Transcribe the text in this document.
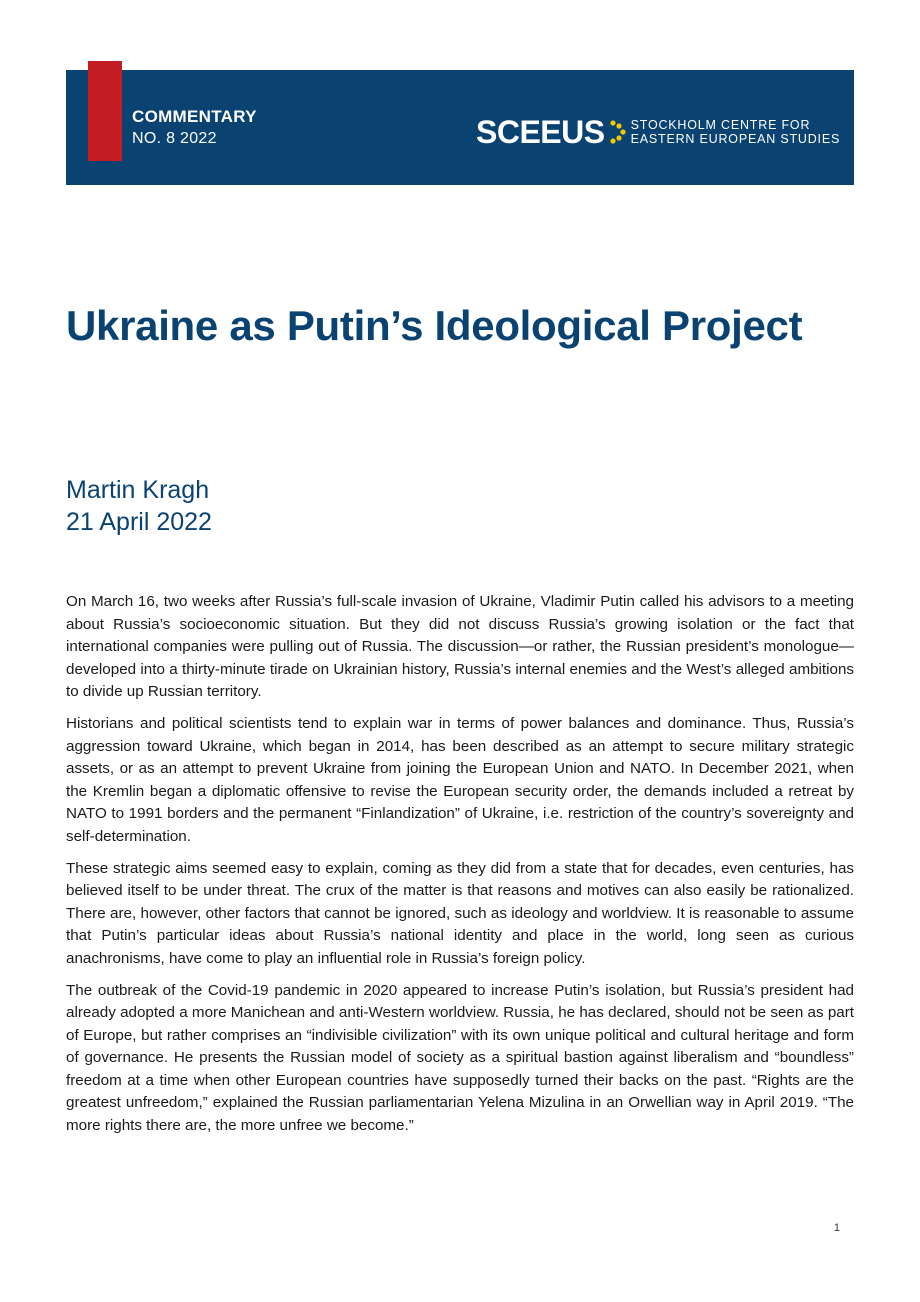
COMMENTARY
NO. 8 2022	SCEEUS STOCKHOLM CENTRE FOR
EASTERN EUROPEAN STUDIES
Ukraine as Putin’s Ideological Project
Martin Kragh
21 April 2022

On March 16, two weeks after Russia’s full-scale invasion of Ukraine, Vladimir Putin called his advisors to a meeting about Russia’s socioeconomic situation. But they did not discuss Russia’s growing isolation or the fact that international companies were pulling out of Russia. The discussion—or rather, the Russian president’s monologue—developed into a thirty-minute tirade on Ukrainian history, Russia’s internal enemies and the West’s alleged ambitions to divide up Russian territory.

Historians and political scientists tend to explain war in terms of power balances and dominance. Thus, Russia’s aggression toward Ukraine, which began in 2014, has been described as an attempt to secure military strategic assets, or as an attempt to prevent Ukraine from joining the European Union and NATO. In December 2021, when the Kremlin began a diplomatic offensive to revise the European security order, the demands included a retreat by NATO to 1991 borders and the permanent “Finlandization” of Ukraine, i.e. restriction of the country’s sovereignty and self-determination.

These strategic aims seemed easy to explain, coming as they did from a state that for decades, even centuries, has believed itself to be under threat. The crux of the matter is that reasons and motives can also easily be rationalized. There are, however, other factors that cannot be ignored, such as ideology and worldview. It is reasonable to assume that Putin’s particular ideas about Russia’s national identity and place in the world, long seen as curious anachronisms, have come to play an influential role in Russia’s foreign policy.

The outbreak of the Covid-19 pandemic in 2020 appeared to increase Putin’s isolation, but Russia’s president had already adopted a more Manichean and anti-Western worldview. Russia, he has declared, should not be seen as part of Europe, but rather comprises an “indivisible civilization” with its own unique political and cultural heritage and form of governance. He presents the Russian model of society as a spiritual bastion against liberalism and “boundless” freedom at a time when other European countries have supposedly turned their backs on the past. “Rights are the greatest unfreedom,” explained the Russian parliamentarian Yelena Mizulina in an Orwellian way in April 2019. “The more rights there are, the more unfree we become.”

1
